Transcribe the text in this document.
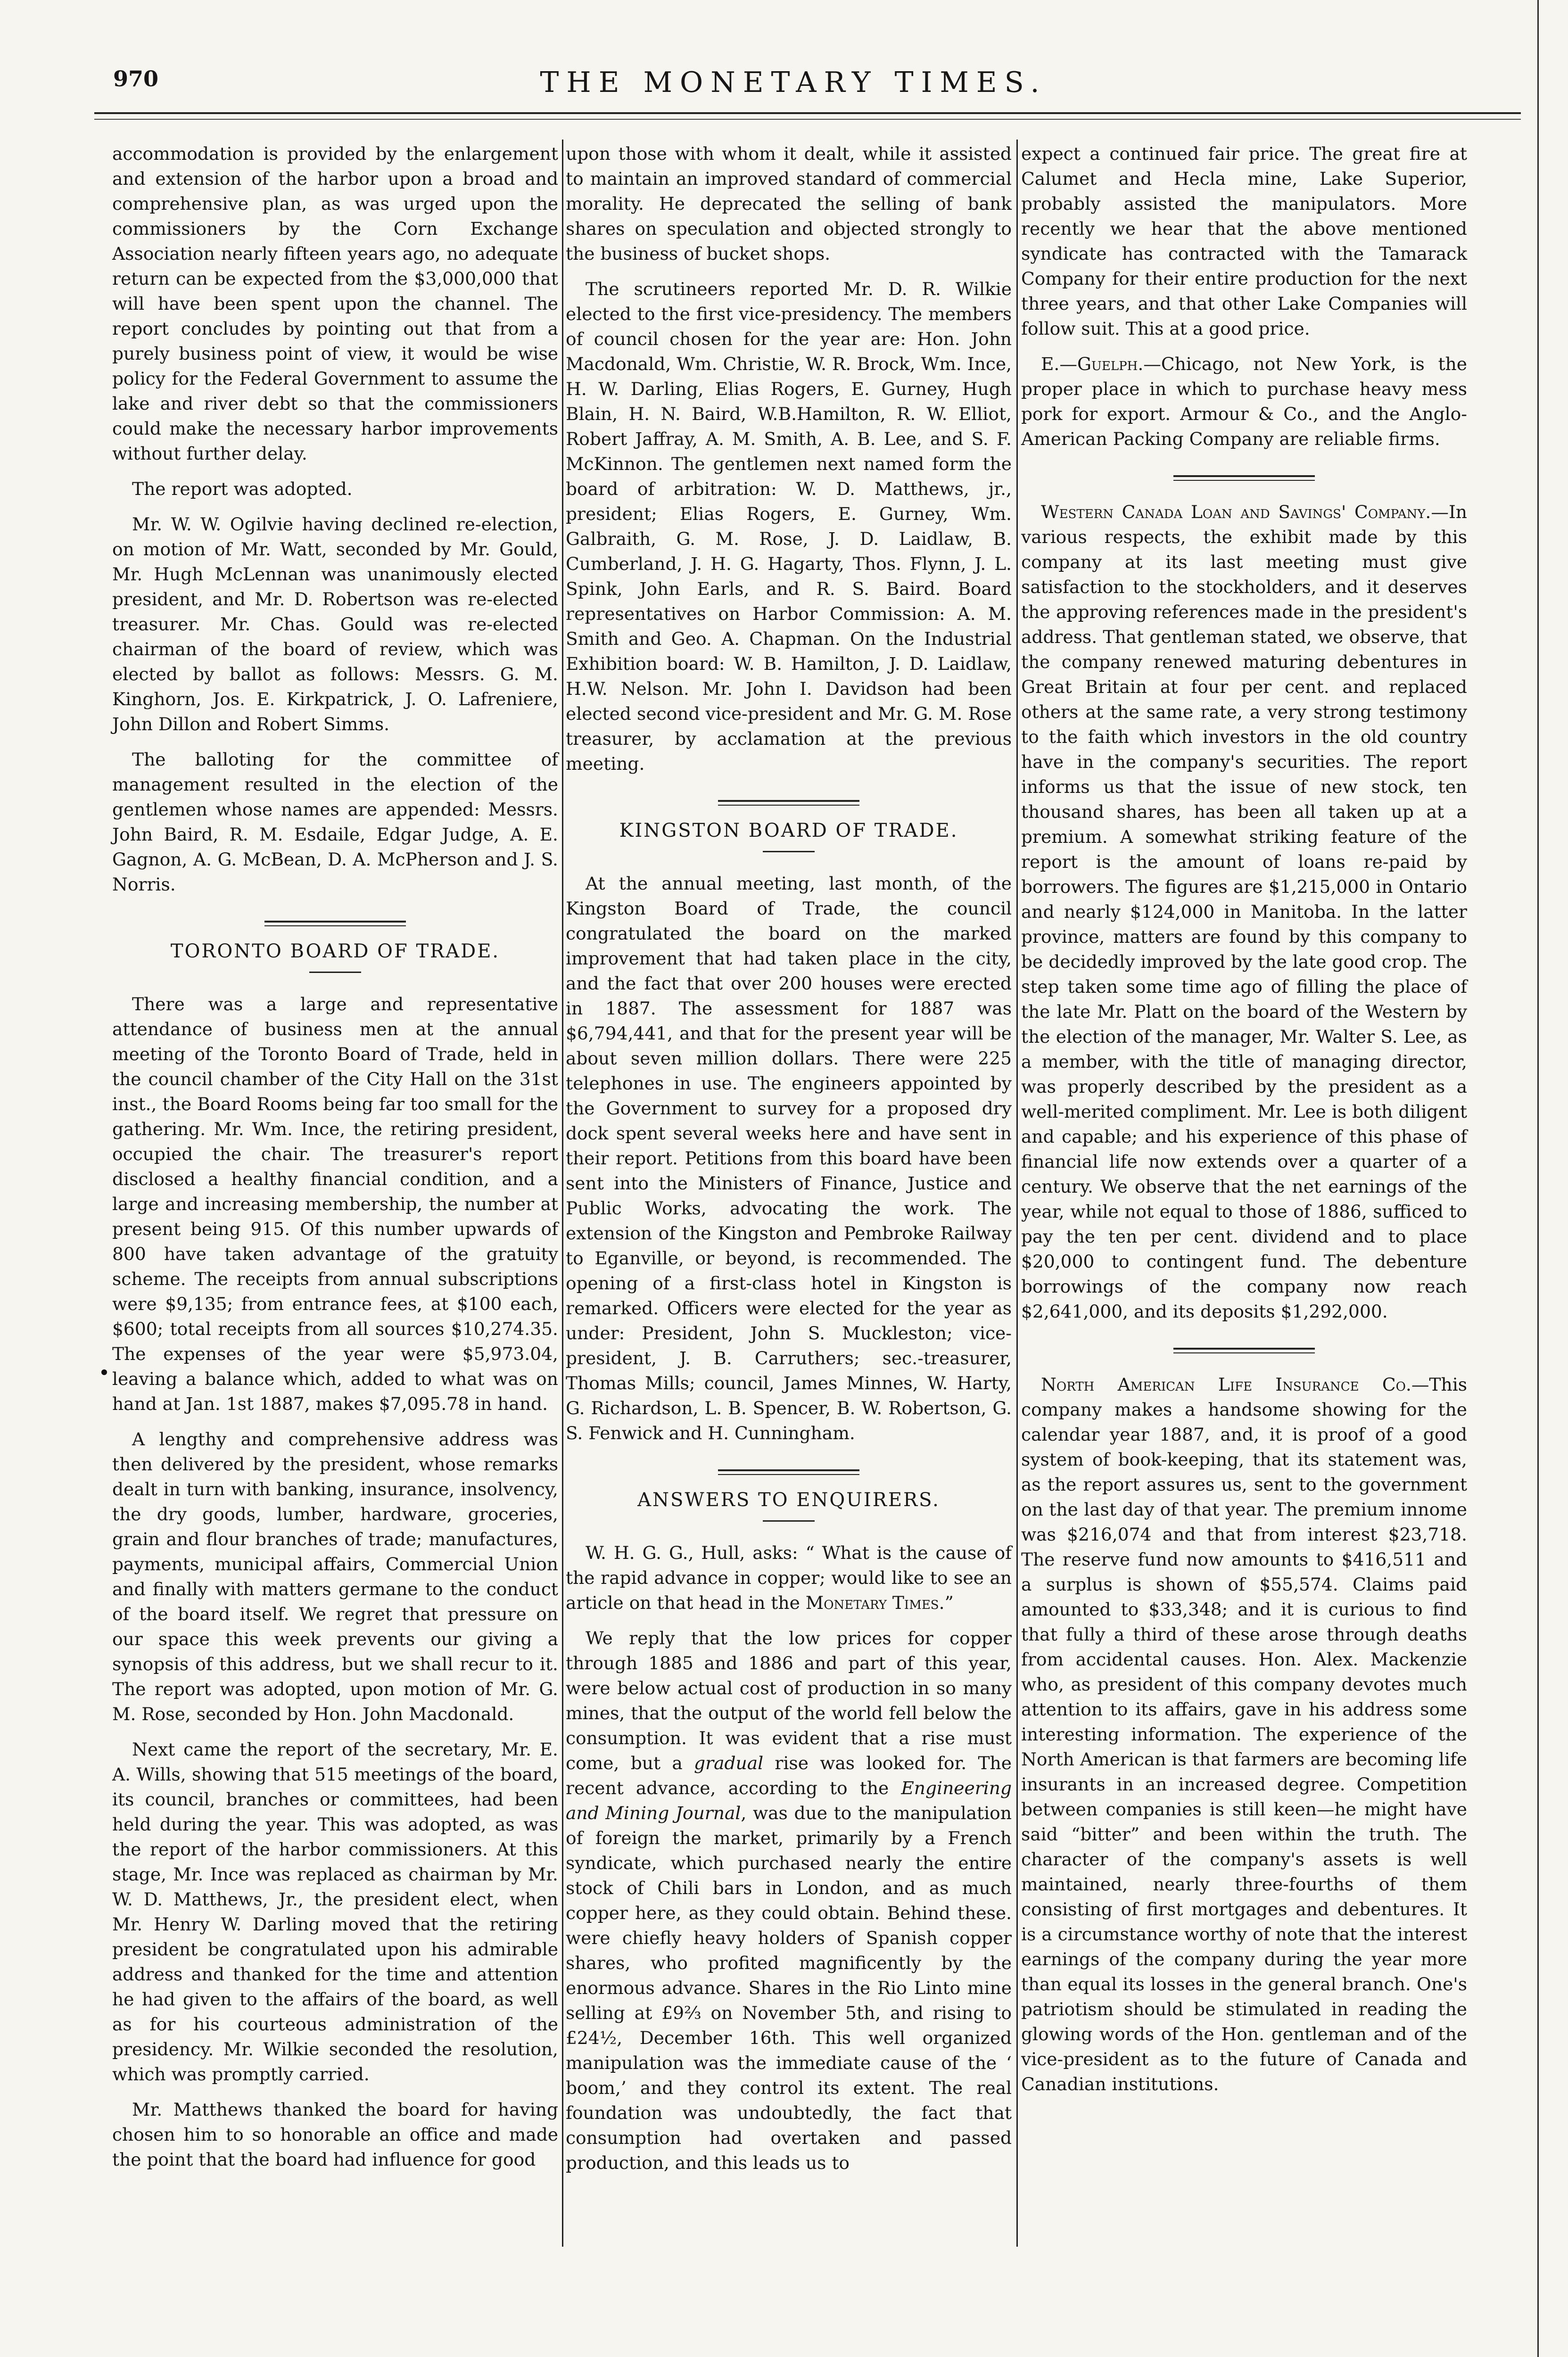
970	THE MONETARY TIMES.

accommodation is provided by the enlargement and extension of the harbor upon a broad and comprehensive plan, as was urged upon the commissioners by the Corn Exchange Association nearly fifteen years ago, no adequate return can be expected from the $3,000,000 that will have been spent upon the channel. The report concludes by pointing out that from a purely business point of view, it would be wise policy for the Federal Government to assume the lake and river debt so that the commissioners could make the necessary harbor improvements without further delay.

The report was adopted.

Mr. W. W. Ogilvie having declined re-election, on motion of Mr. Watt, seconded by Mr. Gould, Mr. Hugh McLennan was unanimously elected president, and Mr. D. Robertson was re-elected treasurer. Mr. Chas. Gould was re-elected chairman of the board of review, which was elected by ballot as follows: Messrs. G. M. Kinghorn, Jos. E. Kirkpatrick, J. O. Lafreniere, John Dillon and Robert Simms.

The balloting for the committee of management resulted in the election of the gentlemen whose names are appended: Messrs. John Baird, R. M. Esdaile, Edgar Judge, A. E. Gagnon, A. G. McBean, D. A. McPherson and J. S. Norris.

TORONTO BOARD OF TRADE.

There was a large and representative attendance of business men at the annual meeting of the Toronto Board of Trade, held in the council chamber of the City Hall on the 31st inst., the Board Rooms being far too small for the gathering. Mr. Wm. Ince, the retiring president, occupied the chair. The treasurer's report disclosed a healthy financial condition, and a large and increasing membership, the number at present being 915. Of this number upwards of 800 have taken advantage of the gratuity scheme. The receipts from annual subscriptions were $9,135; from entrance fees, at $100 each, $600; total receipts from all sources $10,274.35. The expenses of the year were $5,973.04, leaving a balance which, added to what was on hand at Jan. 1st 1887, makes $7,095.78 in hand.

A lengthy and comprehensive address was then delivered by the president, whose remarks dealt in turn with banking, insurance, insolvency, the dry goods, lumber, hardware, groceries, grain and flour branches of trade; manufactures, payments, municipal affairs, Commercial Union and finally with matters germane to the conduct of the board itself. We regret that pressure on our space this week prevents our giving a synopsis of this address, but we shall recur to it. The report was adopted, upon motion of Mr. G. M. Rose, seconded by Hon. John Macdonald.

Next came the report of the secretary, Mr. E. A. Wills, showing that 515 meetings of the board, its council, branches or committees, had been held during the year. This was adopted, as was the report of the harbor commissioners. At this stage, Mr. Ince was replaced as chairman by Mr. W. D. Matthews, Jr., the president elect, when Mr. Henry W. Darling moved that the retiring president be congratulated upon his admirable address and thanked for the time and attention he had given to the affairs of the board, as well as for his courteous administration of the presidency. Mr. Wilkie seconded the resolution, which was promptly carried.

Mr. Matthews thanked the board for having chosen him to so honorable an office and made the point that the board had influence for good

upon those with whom it dealt, while it assisted to maintain an improved standard of commercial morality. He deprecated the selling of bank shares on speculation and objected strongly to the business of bucket shops.

The scrutineers reported Mr. D. R. Wilkie elected to the first vice-presidency. The members of council chosen for the year are: Hon. John Macdonald, Wm. Christie, W. R. Brock, Wm. Ince, H. W. Darling, Elias Rogers, E. Gurney, Hugh Blain, H. N. Baird, W.B.Hamilton, R. W. Elliot, Robert Jaffray, A. M. Smith, A. B. Lee, and S. F. McKinnon. The gentlemen next named form the board of arbitration: W. D. Matthews, jr., president; Elias Rogers, E. Gurney, Wm. Galbraith, G. M. Rose, J. D. Laidlaw, B. Cumberland, J. H. G. Hagarty, Thos. Flynn, J. L. Spink, John Earls, and R. S. Baird. Board representatives on Harbor Commission: A. M. Smith and Geo. A. Chapman. On the Industrial Exhibition board: W. B. Hamilton, J. D. Laidlaw, H.W. Nelson. Mr. John I. Davidson had been elected second vice-president and Mr. G. M. Rose treasurer, by acclamation at the previous meeting.

KINGSTON BOARD OF TRADE.

At the annual meeting, last month, of the Kingston Board of Trade, the council congratulated the board on the marked improvement that had taken place in the city, and the fact that over 200 houses were erected in 1887. The assessment for 1887 was $6,794,441, and that for the present year will be about seven million dollars. There were 225 telephones in use. The engineers appointed by the Government to survey for a proposed dry dock spent several weeks here and have sent in their report. Petitions from this board have been sent into the Ministers of Finance, Justice and Public Works, advocating the work. The extension of the Kingston and Pembroke Railway to Eganville, or beyond, is recommended. The opening of a first-class hotel in Kingston is remarked. Officers were elected for the year as under: President, John S. Muckleston; vice-president, J. B. Carruthers; sec.-treasurer, Thomas Mills; council, James Minnes, W. Harty, G. Richardson, L. B. Spencer, B. W. Robertson, G. S. Fenwick and H. Cunningham.

ANSWERS TO ENQUIRERS.

W. H. G. G., Hull, asks: “ What is the cause of the rapid advance in copper; would like to see an article on that head in the Monetary Times.”

We reply that the low prices for copper through 1885 and 1886 and part of this year, were below actual cost of production in so many mines, that the output of the world fell below the consumption. It was evident that a rise must come, but a gradual rise was looked for. The recent advance, according to the Engineering and Mining Journal, was due to the manipulation of foreign the market, primarily by a French syndicate, which purchased nearly the entire stock of Chili bars in London, and as much copper here, as they could obtain. Behind these. were chiefly heavy holders of Spanish copper shares, who profited magnificently by the enormous advance. Shares in the Rio Linto mine selling at £9⅔ on November 5th, and rising to £24½, December 16th. This well organized manipulation was the immediate cause of the ‘ boom,’ and they control its extent. The real foundation was undoubtedly, the fact that consumption had overtaken and passed production, and this leads us to

expect a continued fair price. The great fire at Calumet and Hecla mine, Lake Superior, probably assisted the manipulators. More recently we hear that the above mentioned syndicate has contracted with the Tamarack Company for their entire production for the next three years, and that other Lake Companies will follow suit. This at a good price.

E.—Guelph.—Chicago, not New York, is the proper place in which to purchase heavy mess pork for export. Armour & Co., and the Anglo-American Packing Company are reliable firms.

Western Canada Loan and Savings' Company.—In various respects, the exhibit made by this company at its last meeting must give satisfaction to the stockholders, and it deserves the approving references made in the president's address. That gentleman stated, we observe, that the company renewed maturing debentures in Great Britain at four per cent. and replaced others at the same rate, a very strong testimony to the faith which investors in the old country have in the company's securities. The report informs us that the issue of new stock, ten thousand shares, has been all taken up at a premium. A somewhat striking feature of the report is the amount of loans re-paid by borrowers. The figures are $1,215,000 in Ontario and nearly $124,000 in Manitoba. In the latter province, matters are found by this company to be decidedly improved by the late good crop. The step taken some time ago of filling the place of the late Mr. Platt on the board of the Western by the election of the manager, Mr. Walter S. Lee, as a member, with the title of managing director, was properly described by the president as a well-merited compliment. Mr. Lee is both diligent and capable; and his experience of this phase of financial life now extends over a quarter of a century. We observe that the net earnings of the year, while not equal to those of 1886, sufficed to pay the ten per cent. dividend and to place $20,000 to contingent fund. The debenture borrowings of the company now reach $2,641,000, and its deposits $1,292,000.

North American Life Insurance Co.—This company makes a handsome showing for the calendar year 1887, and, it is proof of a good system of book-keeping, that its statement was, as the report assures us, sent to the government on the last day of that year. The premium innome was $216,074 and that from interest $23,718. The reserve fund now amounts to $416,511 and a surplus is shown of $55,574. Claims paid amounted to $33,348; and it is curious to find that fully a third of these arose through deaths from accidental causes. Hon. Alex. Mackenzie who, as president of this company devotes much attention to its affairs, gave in his address some interesting information. The experience of the North American is that farmers are becoming life insurants in an increased degree. Competition between companies is still keen—he might have said “bitter” and been within the truth. The character of the company's assets is well maintained, nearly three-fourths of them consisting of first mortgages and debentures. It is a circumstance worthy of note that the interest earnings of the company during the year more than equal its losses in the general branch. One's patriotism should be stimulated in reading the glowing words of the Hon. gentleman and of the vice-president as to the future of Canada and Canadian institutions.
